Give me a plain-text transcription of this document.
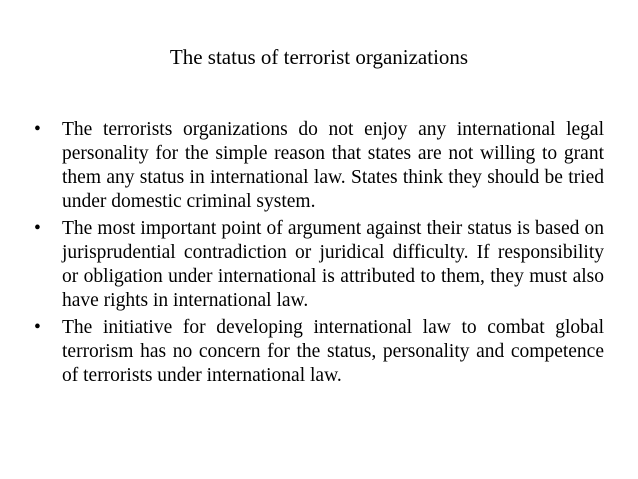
The status of terrorist organizations
• The terrorists organizations do not enjoy any international legal personality for the simple reason that states are not willing to grant them any status in international law. States think they should be tried under domestic criminal system.
• The most important point of argument against their status is based on jurisprudential contradiction or juridical difficulty. If responsibility or obligation under international is attributed to them, they must also have rights in international law.
• The initiative for developing international law to combat global terrorism has no concern for the status, personality and competence of terrorists under international law.
